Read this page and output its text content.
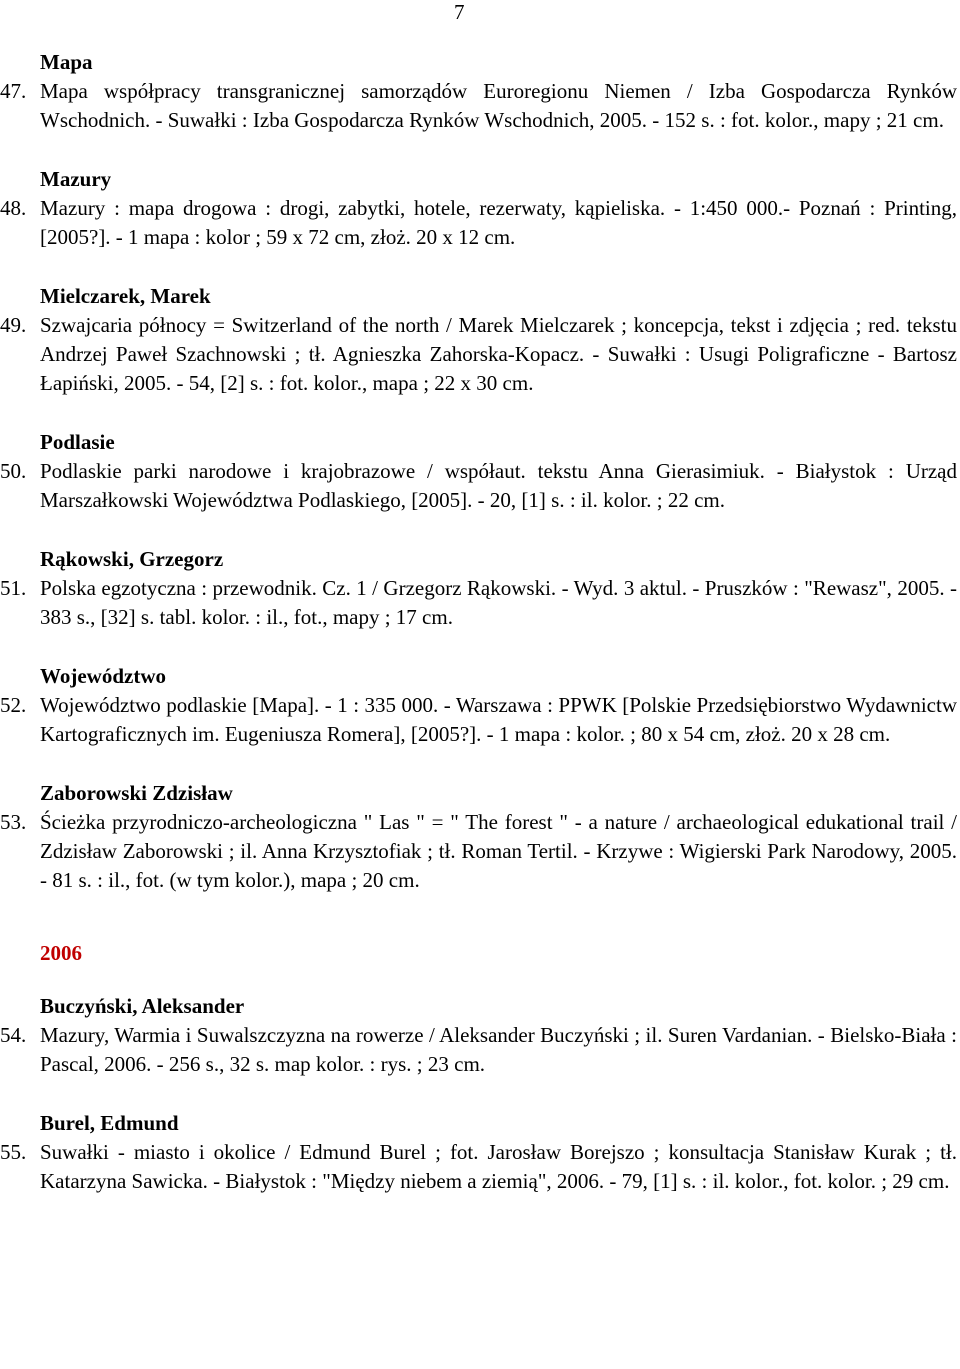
7
Mapa
47. Mapa współpracy transgranicznej samorządów Euroregionu Niemen / Izba Gospodarcza Rynków Wschodnich. - Suwałki : Izba Gospodarcza Rynków Wschodnich, 2005. - 152 s. : fot. kolor., mapy ; 21 cm.
Mazury
48. Mazury : mapa drogowa : drogi, zabytki, hotele, rezerwaty, kąpieliska. - 1:450 000.- Poznań : Printing, [2005?]. - 1 mapa : kolor ; 59 x 72 cm, złoż. 20 x 12 cm.
Mielczarek, Marek
49. Szwajcaria północy = Switzerland of the north / Marek Mielczarek ; koncepcja, tekst i zdjęcia ; red. tekstu Andrzej Paweł Szachnowski ; tł. Agnieszka Zahorska-Kopacz. - Suwałki : Usugi Poligraficzne - Bartosz Łapiński, 2005. - 54, [2] s. : fot. kolor., mapa ; 22 x 30 cm.
Podlasie
50. Podlaskie parki narodowe i krajobrazowe / współaut. tekstu Anna Gierasimiuk. - Białystok : Urząd Marszałkowski Województwa Podlaskiego, [2005]. - 20, [1] s. : il. kolor. ; 22 cm.
Rąkowski, Grzegorz
51. Polska egzotyczna : przewodnik. Cz. 1 / Grzegorz Rąkowski. - Wyd. 3 aktul. - Pruszków : "Rewasz", 2005. - 383 s., [32] s. tabl. kolor. : il., fot., mapy ; 17 cm.
Województwo
52. Województwo podlaskie [Mapa]. - 1 : 335 000. - Warszawa : PPWK [Polskie Przedsiębiorstwo Wydawnictw Kartograficznych im. Eugeniusza Romera], [2005?]. - 1 mapa : kolor. ; 80 x 54 cm, złoż. 20 x 28 cm.
Zaborowski Zdzisław
53. Ścieżka przyrodniczo-archeologiczna " Las " = " The forest " - a nature / archaeological edukational trail / Zdzisław Zaborowski ; il. Anna Krzysztofiak ; tł. Roman Tertil. - Krzywe : Wigierski Park Narodowy, 2005. - 81 s. : il., fot. (w tym kolor.), mapa ; 20 cm.
2006
Buczyński, Aleksander
54. Mazury, Warmia i Suwalszczyzna na rowerze / Aleksander Buczyński ; il. Suren Vardanian. - Bielsko-Biała : Pascal, 2006. - 256 s., 32 s. map kolor. : rys. ; 23 cm.
Burel, Edmund
55. Suwałki - miasto i okolice / Edmund Burel ; fot. Jarosław Borejszo ; konsultacja Stanisław Kurak ; tł. Katarzyna Sawicka. - Białystok : "Między niebem a ziemią", 2006. - 79, [1] s. : il. kolor., fot. kolor. ; 29 cm.
